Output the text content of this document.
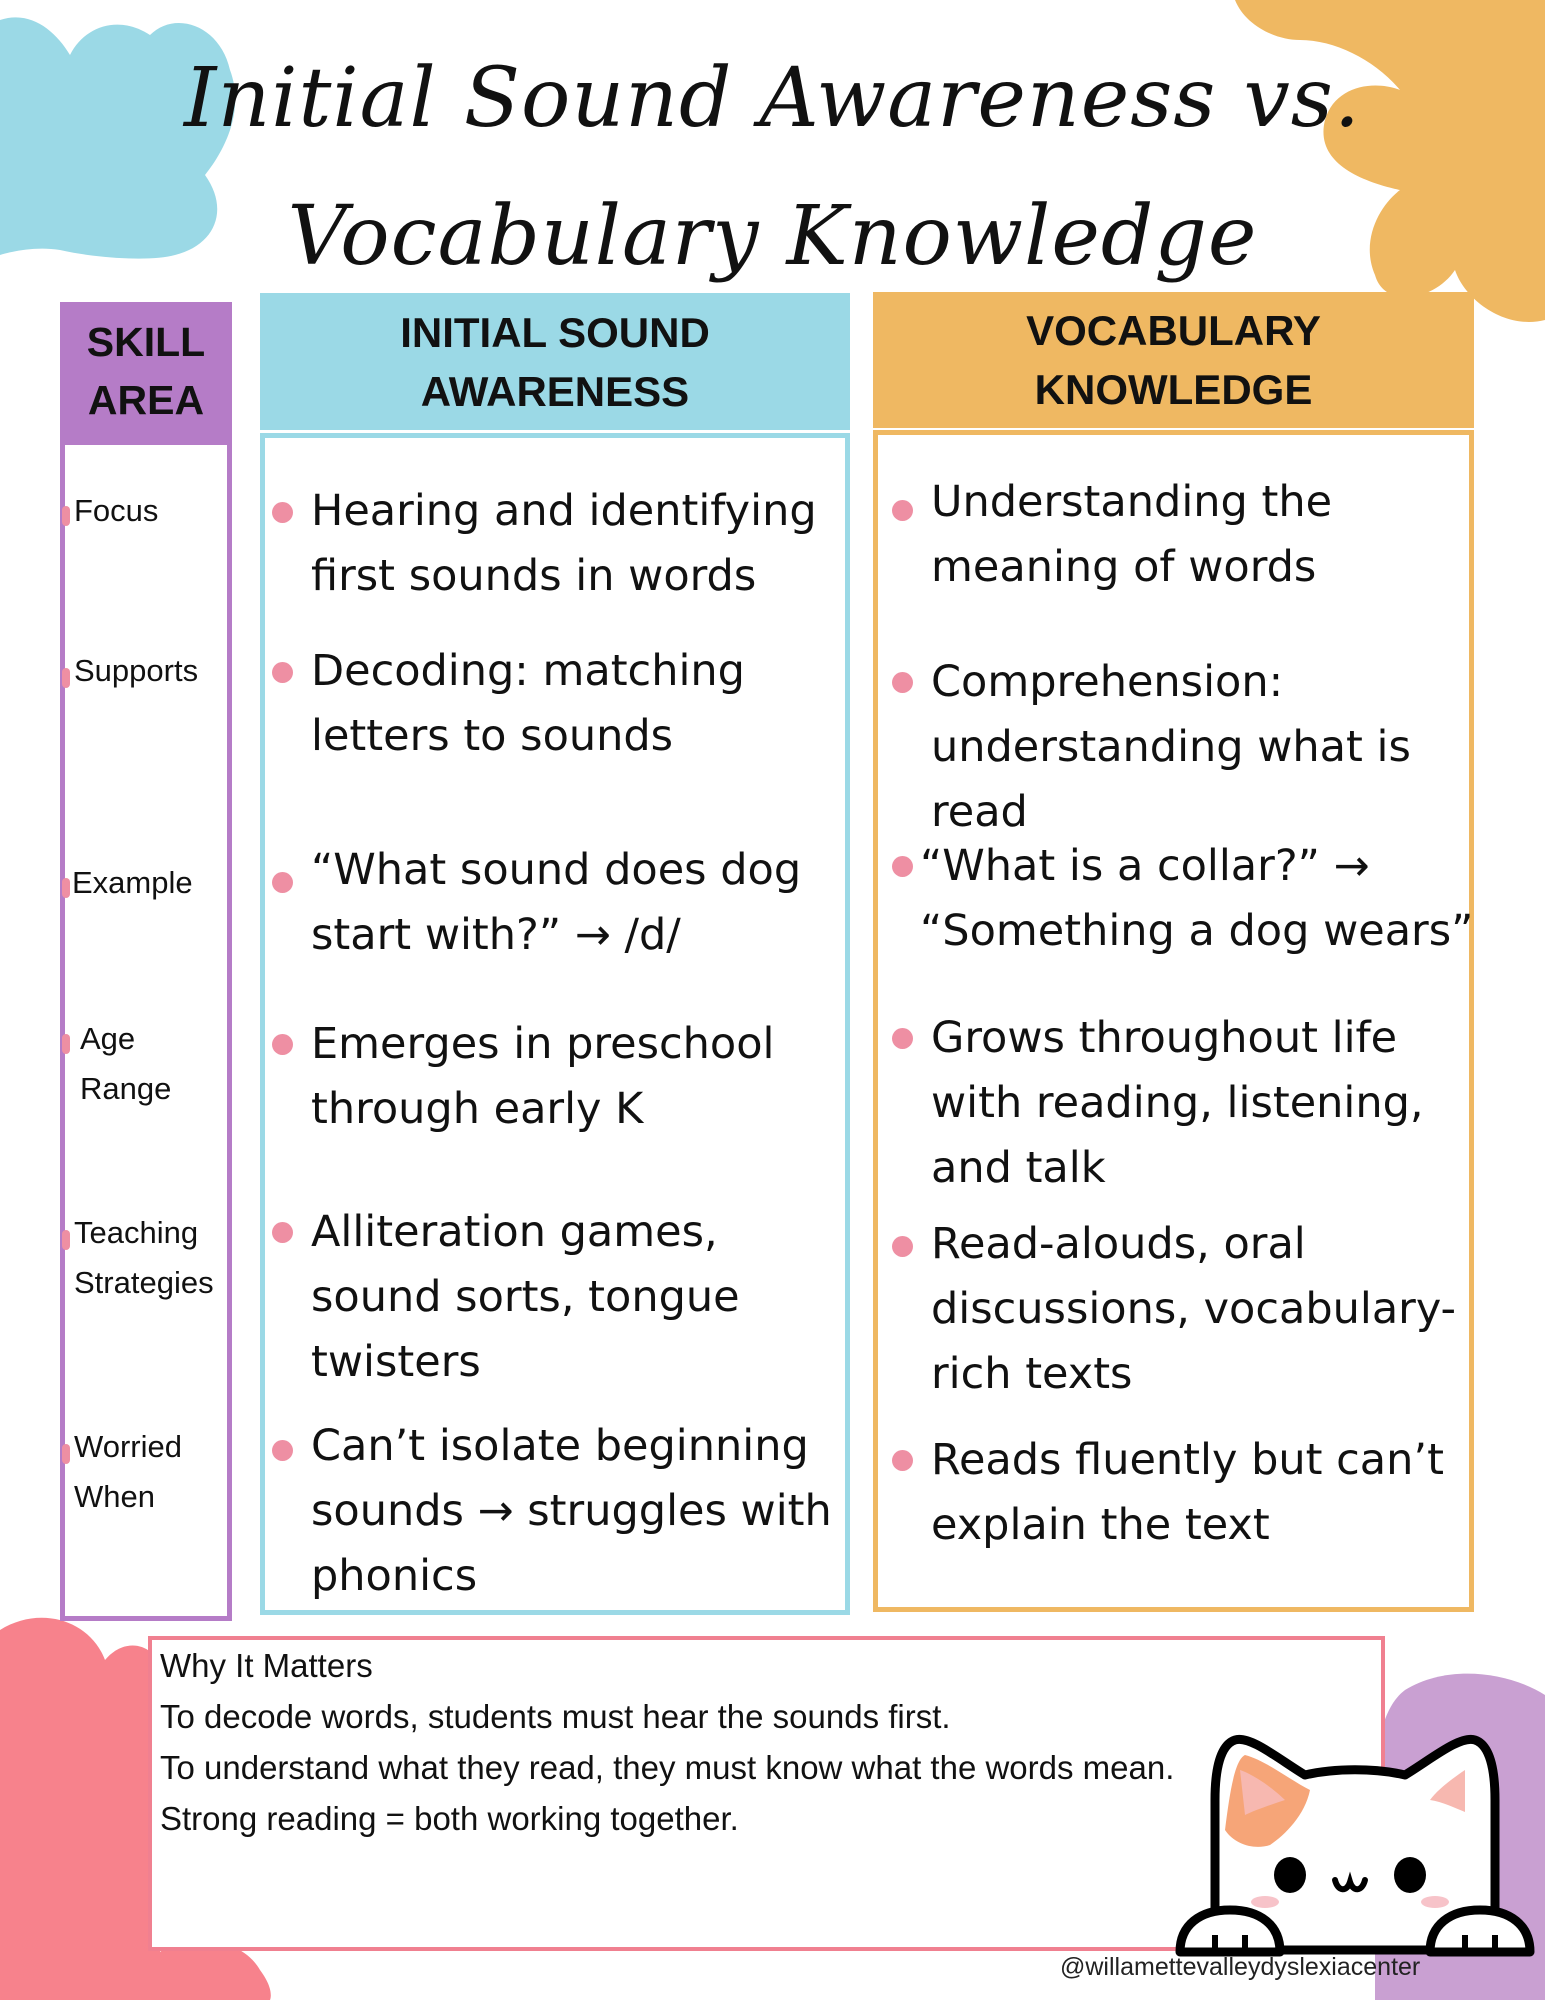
Initial Sound Awareness vs.
Vocabulary Knowledge
SKILL
AREA
INITIAL SOUND
AWARENESS
VOCABULARY
KNOWLEDGE
Focus
Supports
Example
Age
Range
Teaching
Strategies
Worried
When
Hearing and identifying
first sounds in words
Decoding: matching
letters to sounds
“What sound does dog
start with?” → /d/
Emerges in preschool
through early K
Alliteration games,
sound sorts, tongue
twisters
Can’t isolate beginning
sounds → struggles with
phonics
Understanding the
meaning of words
Comprehension:
understanding what is
read
“What is a collar?” →
“Something a dog wears”
Grows throughout life
with reading, listening,
and talk
Read-alouds, oral
discussions, vocabulary-
rich texts
Reads fluently but can’t
explain the text
Why It Matters
To decode words, students must hear the sounds first.
To understand what they read, they must know what the words mean.
Strong reading = both working together.
@willamettevalleydyslexiacenter
